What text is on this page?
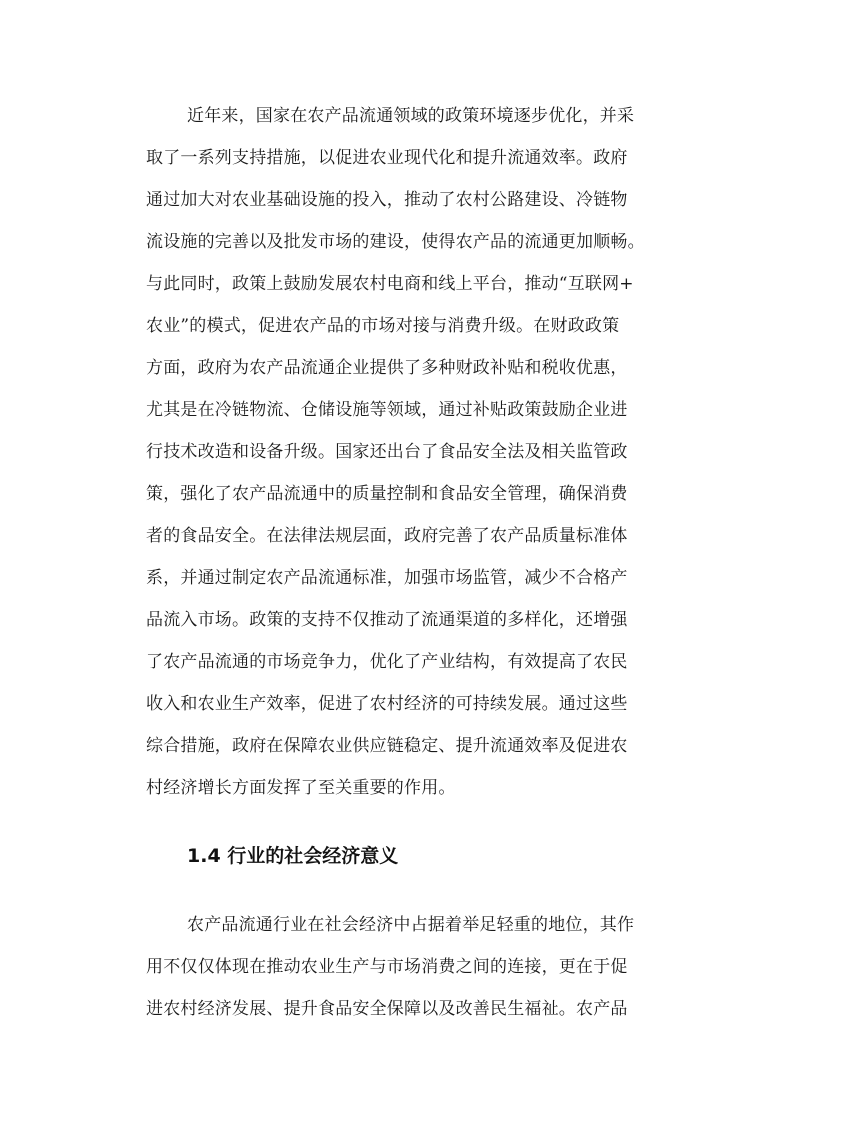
近年来，国家在农产品流通领域的政策环境逐步优化，并采
取了一系列支持措施，以促进农业现代化和提升流通效率。政府
通过加大对农业基础设施的投入，推动了农村公路建设、冷链物
流设施的完善以及批发市场的建设，使得农产品的流通更加顺畅。
与此同时，政策上鼓励发展农村电商和线上平台，推动“互联网+
农业”的模式，促进农产品的市场对接与消费升级。在财政政策
方面，政府为农产品流通企业提供了多种财政补贴和税收优惠，
尤其是在冷链物流、仓储设施等领域，通过补贴政策鼓励企业进
行技术改造和设备升级。国家还出台了食品安全法及相关监管政
策，强化了农产品流通中的质量控制和食品安全管理，确保消费
者的食品安全。在法律法规层面，政府完善了农产品质量标准体
系，并通过制定农产品流通标准，加强市场监管，减少不合格产
品流入市场。政策的支持不仅推动了流通渠道的多样化，还增强
了农产品流通的市场竞争力，优化了产业结构，有效提高了农民
收入和农业生产效率，促进了农村经济的可持续发展。通过这些
综合措施，政府在保障农业供应链稳定、提升流通效率及促进农
村经济增长方面发挥了至关重要的作用。
1.4 行业的社会经济意义
农产品流通行业在社会经济中占据着举足轻重的地位，其作
用不仅仅体现在推动农业生产与市场消费之间的连接，更在于促
进农村经济发展、提升食品安全保障以及改善民生福祉。农产品
